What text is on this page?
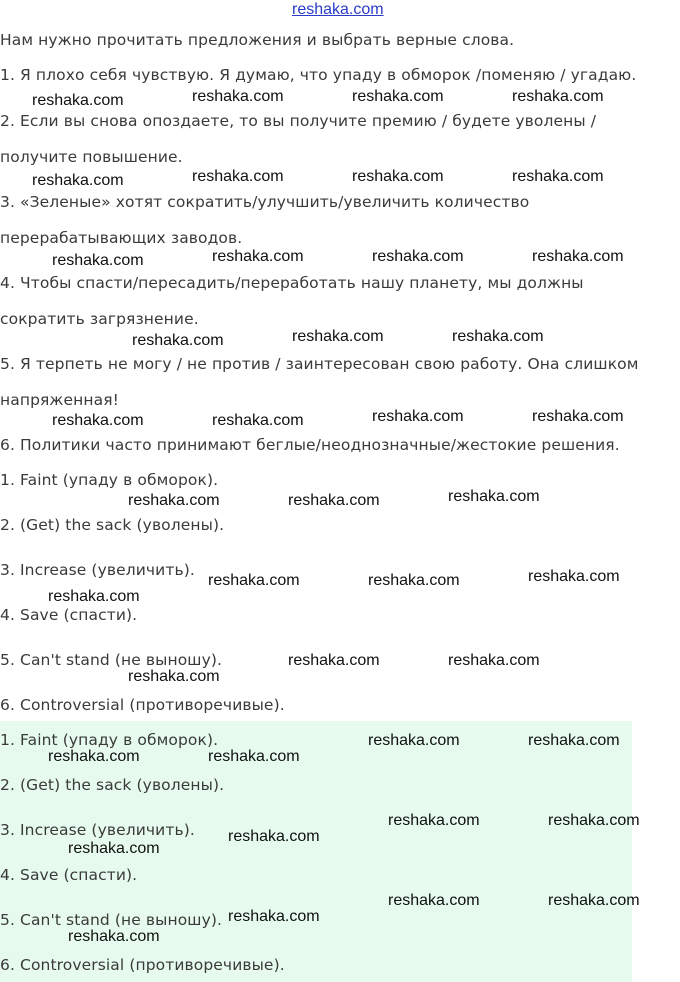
reshaka.com
Нам нужно прочитать предложения и выбрать верные слова.
1. Я плохо себя чувствую. Я думаю, что упаду в обморок /поменяю / угадаю.
2. Если вы снова опоздаете, то вы получите премию / будете уволены /
получите повышение.
3. «Зеленые» хотят сократить/улучшить/увеличить количество
перерабатывающих заводов.
4. Чтобы спасти/пересадить/переработать нашу планету, мы должны
сократить загрязнение.
5. Я терпеть не могу / не против / заинтересован свою работу. Она слишком
напряженная!
6. Политики часто принимают беглые/неоднозначные/жестокие решения.
1. Faint (упаду в обморок).
2. (Get) the sack (уволены).
3. Increase (увеличить).
4. Save (спасти).
5. Can't stand (не выношу).
6. Controversial (противоречивые).
1. Faint (упаду в обморок).
2. (Get) the sack (уволены).
3. Increase (увеличить).
4. Save (спасти).
5. Can't stand (не выношу).
6. Controversial (противоречивые).
reshaka.com	reshaka.com	reshaka.com	reshaka.com
reshaka.com	reshaka.com	reshaka.com	reshaka.com
reshaka.com	reshaka.com	reshaka.com	reshaka.com
reshaka.com	reshaka.com	reshaka.com
reshaka.com	reshaka.com	reshaka.com	reshaka.com
reshaka.com	reshaka.com	reshaka.com
reshaka.com	reshaka.com	reshaka.com
reshaka.com
reshaka.com	reshaka.com
reshaka.com
reshaka.com	reshaka.com
reshaka.com	reshaka.com
reshaka.com	reshaka.com
reshaka.com
reshaka.com
reshaka.com	reshaka.com
reshaka.com
reshaka.com
